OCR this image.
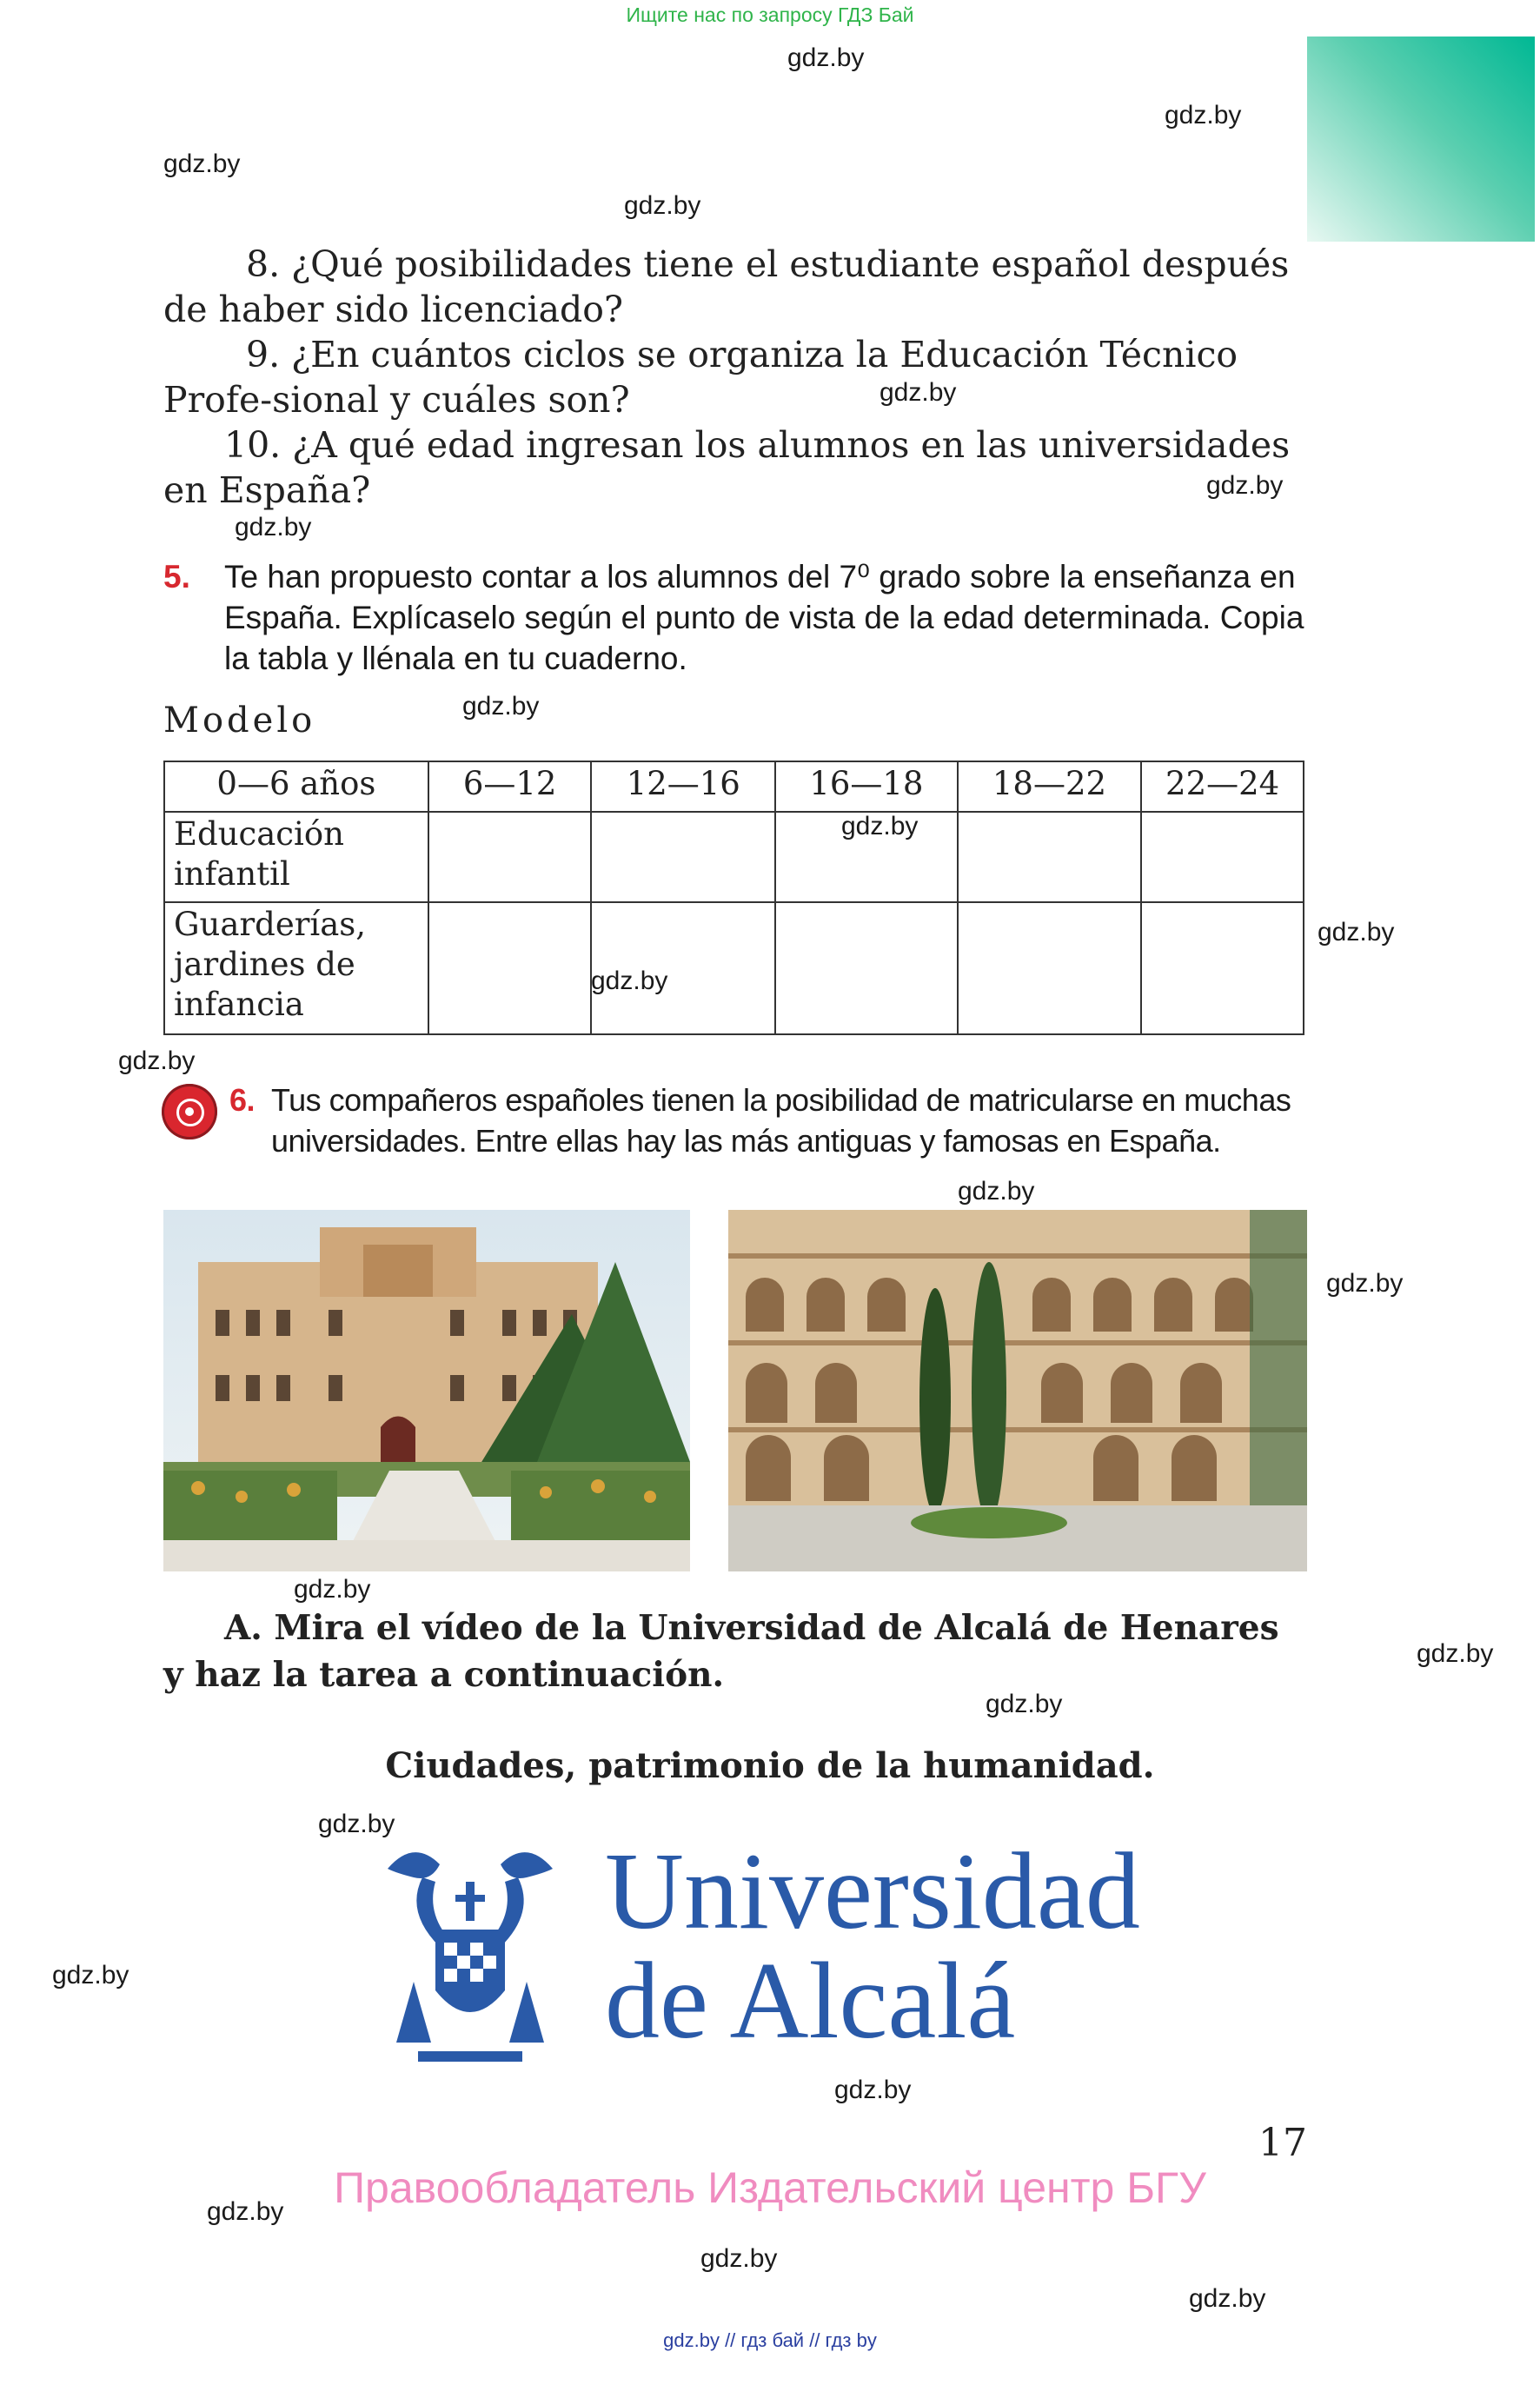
Ищите нас по запросу ГДЗ Бай
gdz.by
gdz.by
gdz.by
gdz.by
gdz.by
gdz.by
gdz.by
gdz.by
gdz.by
gdz.by
gdz.by
gdz.by
gdz.by
gdz.by
gdz.by
gdz.by
gdz.by
gdz.by
gdz.by
gdz.by
gdz.by
gdz.by
gdz.by
8. ¿Qué posibilidades tiene el estudiante español después de haber sido licenciado?
9. ¿En cuántos ciclos se organiza la Educación Técnico Profe-sional y cuáles son?
10. ¿A qué edad ingresan los alumnos en las universidades en España?
5. Te han propuesto contar a los alumnos del 7⁰ grado sobre la enseñanza en España. Explícaselo según el punto de vista de la edad determinada. Copia la tabla y llénala en tu cuaderno.
Modelo
0—6 años	6—12	12—16	16—18	18—22	22—24
Educación infantil					
Guarderías, jardines de infancia					
6. Tus compañeros españoles tienen la posibilidad de matricularse en muchas universidades. Entre ellas hay las más antiguas y famosas en España.
A. Mira el vídeo de la Universidad de Alcalá de Henares y haz la tarea a continuación.
Ciudades, patrimonio de la humanidad.
Universidad
de Alcalá
17
Правообладатель Издательский центр БГУ
gdz.by // гдз бай // гдз by
